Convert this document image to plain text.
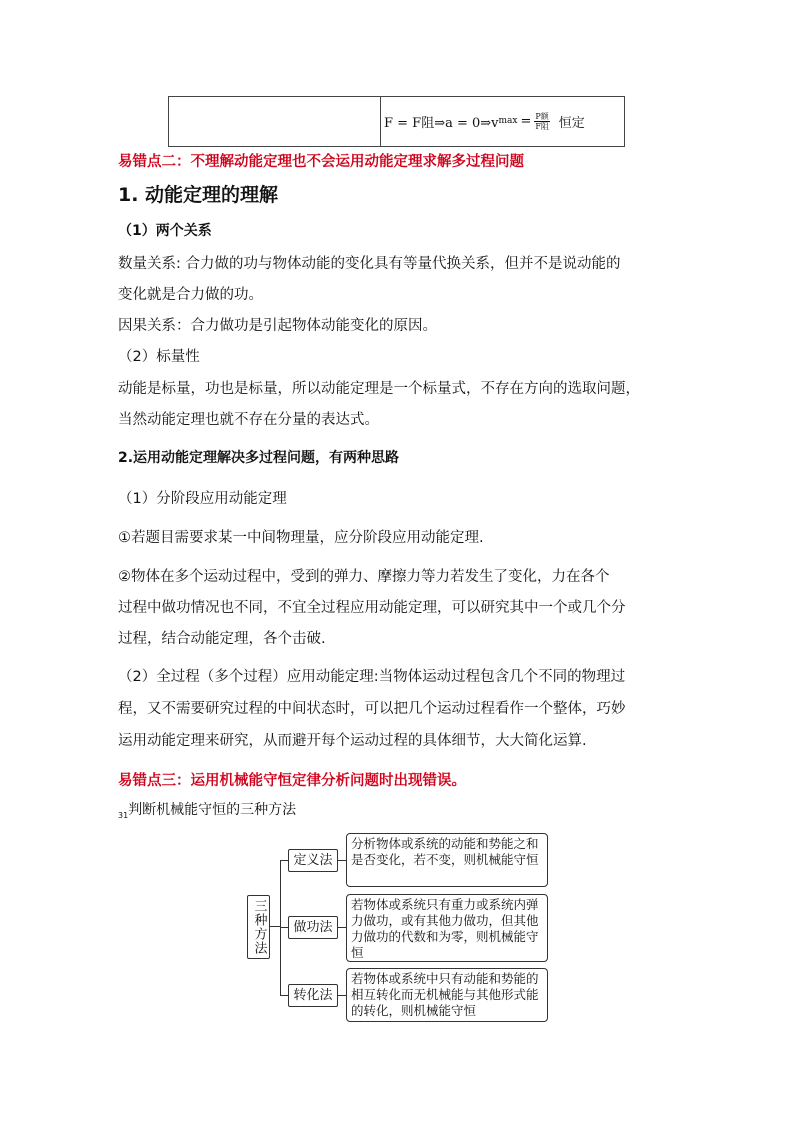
F = F阻⇒a = 0⇒v $\max = \frac{\text{P额}}{\text{F阻}}$ 恒定
易错点二：不理解动能定理也不会运用动能定理求解多过程问题
1. 动能定理的理解
（1）两个关系
数量关系: 合力做的功与物体动能的变化具有等量代换关系，但并不是说动能的
变化就是合力做的功。
因果关系：合力做功是引起物体动能变化的原因。
（2）标量性
动能是标量，功也是标量，所以动能定理是一个标量式，不存在方向的选取问题，
当然动能定理也就不存在分量的表达式。
2.运用动能定理解决多过程问题，有两种思路
（1）分阶段应用动能定理
①若题目需要求某一中间物理量，应分阶段应用动能定理.
②物体在多个运动过程中，受到的弹力、摩擦力等力若发生了变化，力在各个
过程中做功情况也不同，不宜全过程应用动能定理，可以研究其中一个或几个分
过程，结合动能定理，各个击破.
（2）全过程（多个过程）应用动能定理:当物体运动过程包含几个不同的物理过
程，又不需要研究过程的中间状态时，可以把几个运动过程看作一个整体，巧妙
运用动能定理来研究，从而避开每个运动过程的具体细节，大大简化运算.
易错点三：运用机械能守恒定律分析问题时出现错误。
$_{31}$判断机械能守恒的三种方法
三种方法
定义法
做功法
转化法
分析物体或系统的动能和势能之和是否变化，若不变，则机械能守恒
若物体或系统只有重力或系统内弹力做功，或有其他力做功，但其他力做功的代数和为零，则机械能守恒
若物体或系统中只有动能和势能的相互转化而无机械能与其他形式能的转化，则机械能守恒
